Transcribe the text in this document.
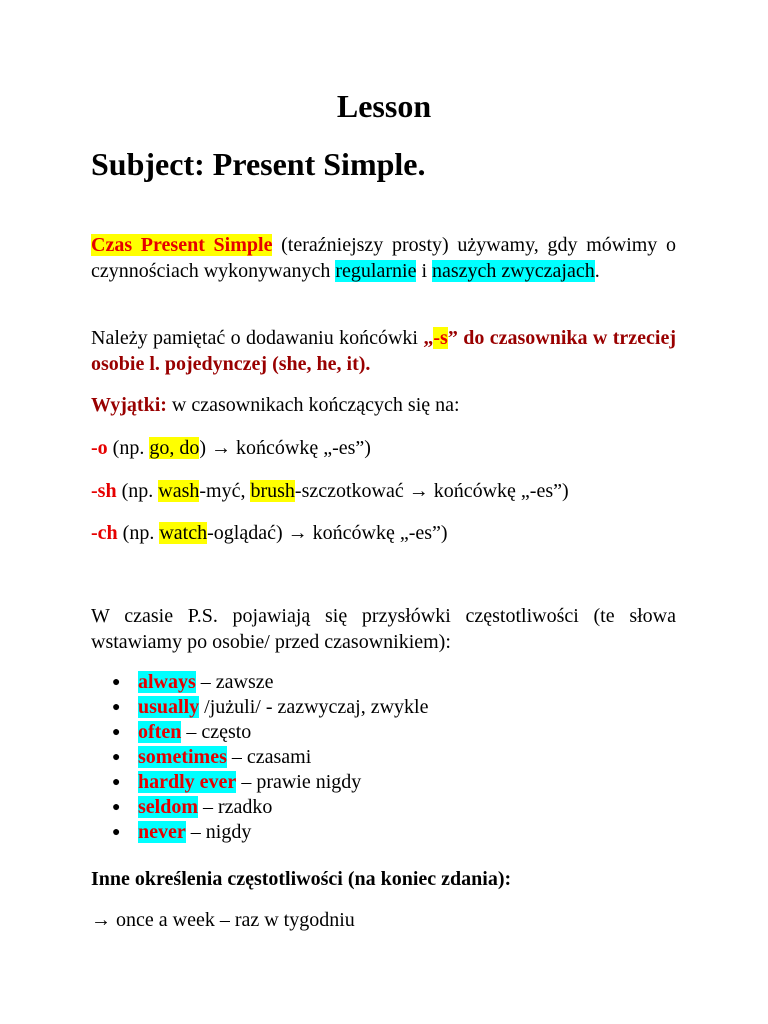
Lesson
Subject: Present Simple.
Czas Present Simple (teraźniejszy prosty) używamy, gdy mówimy o czynnościach wykonywanych regularnie i naszych zwyczajach.
Należy pamiętać o dodawaniu końcówki „-s” do czasownika w trzeciej osobie l. pojedynczej (she, he, it).
Wyjątki: w czasownikach kończących się na:
-o (np. go, do) → końcówkę „-es”)
-sh (np. wash-myć, brush-szczotkować → końcówkę „-es”)
-ch (np. watch-oglądać) → końcówkę „-es”)
W czasie P.S. pojawiają się przysłówki częstotliwości (te słowa wstawiamy po osobie/ przed czasownikiem):
● always – zawsze
● usually /jużuli/ - zazwyczaj, zwykle
● often – często
● sometimes – czasami
● hardly ever – prawie nigdy
● seldom – rzadko
● never – nigdy
Inne określenia częstotliwości (na koniec zdania):
→ once a week – raz w tygodniu
